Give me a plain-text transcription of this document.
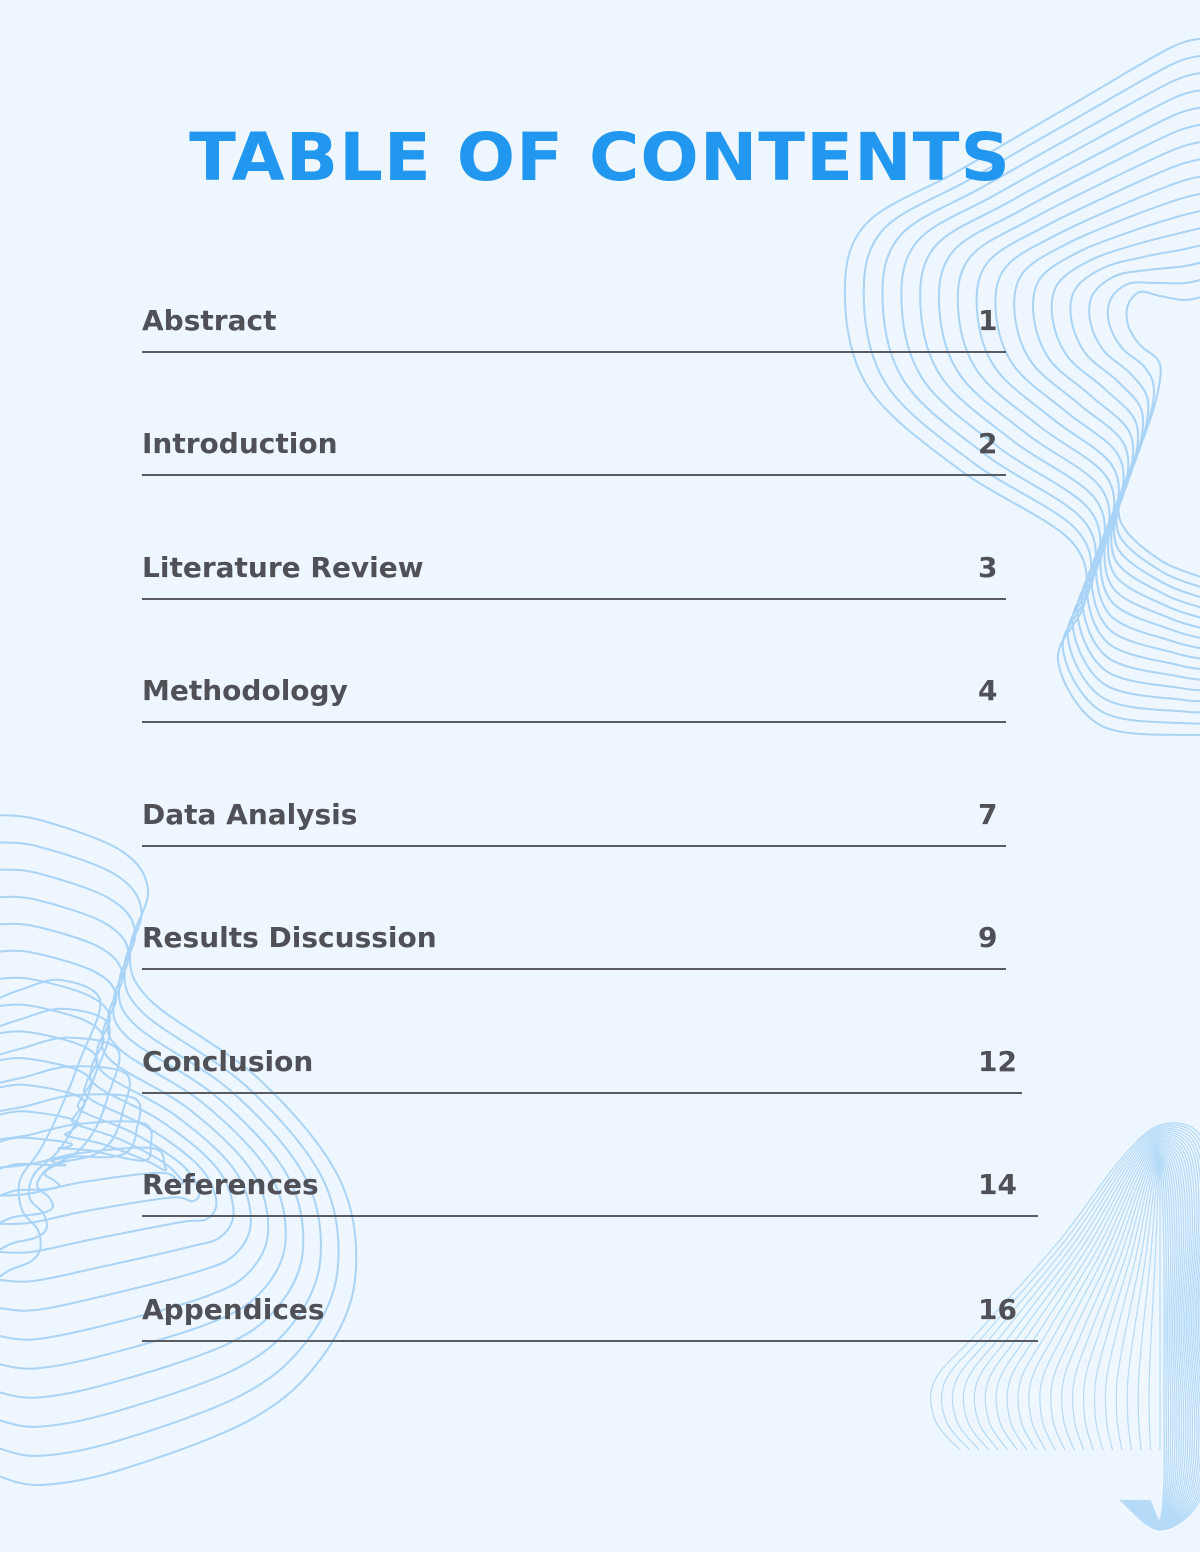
TABLE OF CONTENTS
Abstract	1
Introduction	2
Literature Review	3
Methodology	4
Data Analysis	7
Results Discussion	9
Conclusion	12
References	14
Appendices	16
